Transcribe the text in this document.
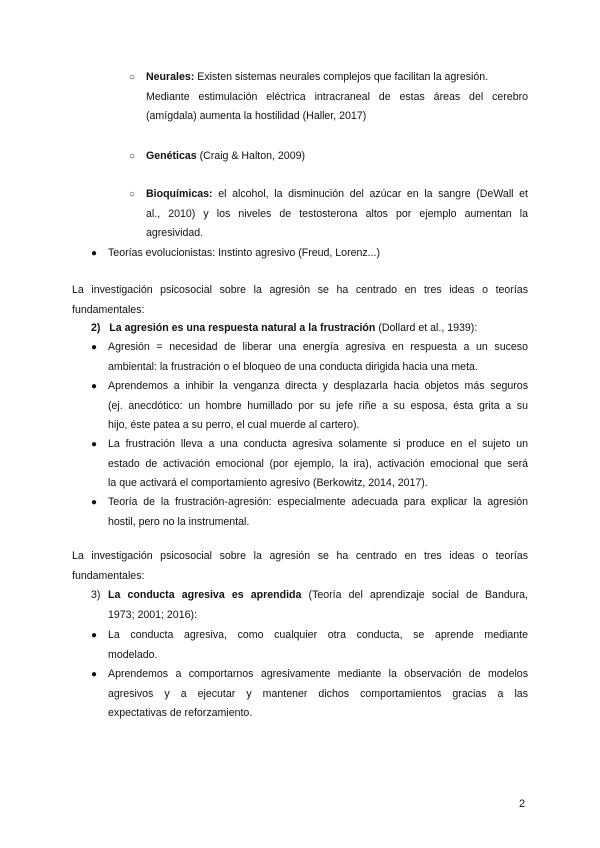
○ Neurales: Existen sistemas neurales complejos que facilitan la agresión.
Mediante estimulación eléctrica intracraneal de estas áreas del cerebro
(amígdala) aumenta la hostilidad (Haller, 2017)
○ Genéticas (Craig & Halton, 2009)
○ Bioquímicas: el alcohol, la disminución del azúcar en la sangre (DeWall et
al., 2010) y los niveles de testosterona altos por ejemplo aumentan la
agresividad.
● Teorías evolucionistas: Instinto agresivo (Freud, Lorenz...)
La investigación psicosocial sobre la agresión se ha centrado en tres ideas o teorías
fundamentales:
2) La agresión es una respuesta natural a la frustración (Dollard et al., 1939):
● Agresión = necesidad de liberar una energía agresiva en respuesta a un suceso
ambiental: la frustración o el bloqueo de una conducta dirigida hacia una meta.
● Aprendemos a inhibir la venganza directa y desplazarla hacia objetos más seguros
(ej. anecdótico: un hombre humillado por su jefe riñe a su esposa, ésta grita a su
hijo, éste patea a su perro, el cual muerde al cartero).
● La frustración lleva a una conducta agresiva solamente si produce en el sujeto un
estado de activación emocional (por ejemplo, la ira), activación emocional que será
la que activará el comportamiento agresivo (Berkowitz, 2014, 2017).
● Teoría de la frustración-agresión: especialmente adecuada para explicar la agresión
hostil, pero no la instrumental.
La investigación psicosocial sobre la agresión se ha centrado en tres ideas o teorías
fundamentales:
3) La conducta agresiva es aprendida (Teoría del aprendizaje social de Bandura,
1973; 2001; 2016):
● La conducta agresiva, como cualquier otra conducta, se aprende mediante
modelado.
● Aprendemos a comportarnos agresivamente mediante la observación de modelos
agresivos y a ejecutar y mantener dichos comportamientos gracias a las
expectativas de reforzamiento.
2
